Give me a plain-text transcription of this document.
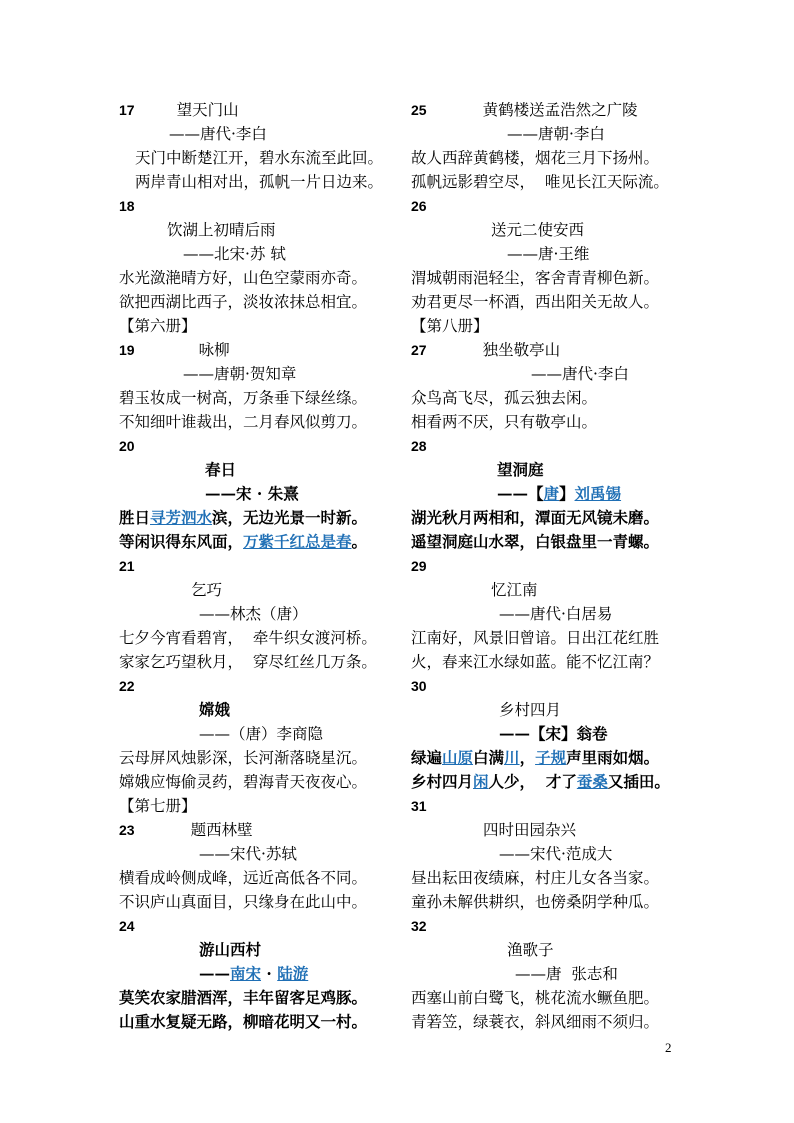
17	望天门山
——唐代·李白
天门中断楚江开，碧水东流至此回。
两岸青山相对出，孤帆一片日边来。
18
饮湖上初晴后雨
——北宋·苏 轼
水光潋滟晴方好，山色空蒙雨亦奇。
欲把西湖比西子，淡妆浓抹总相宜。
【第六册】
19	咏柳
——唐朝·贺知章
碧玉妆成一树高，万条垂下绿丝绦。
不知细叶谁裁出，二月春风似剪刀。
20
春日
——宋 · 朱熹
胜日寻芳泗水滨，无边光景一时新。
等闲识得东风面，万紫千红总是春。
21
乞巧
——林杰（唐）
七夕今宵看碧宵，  牵牛织女渡河桥。
家家乞巧望秋月，  穿尽红丝几万条。
22
嫦娥
——（唐）李商隐
云母屏风烛影深，长河渐落晓星沉。
嫦娥应悔偷灵药，碧海青天夜夜心。
【第七册】
23	题西林壁
——宋代·苏轼
横看成岭侧成峰，远近高低各不同。
不识庐山真面目，只缘身在此山中。
24
游山西村
——南宋 · 陆游
莫笑农家腊酒浑，丰年留客足鸡豚。
山重水复疑无路，柳暗花明又一村。
25	黄鹤楼送孟浩然之广陵
——唐朝·李白
故人西辞黄鹤楼，烟花三月下扬州。
孤帆远影碧空尽，  唯见长江天际流。
26
送元二使安西
——唐·王维
渭城朝雨浥轻尘，客舍青青柳色新。
劝君更尽一杯酒，西出阳关无故人。
【第八册】
27	独坐敬亭山
——唐代·李白
众鸟高飞尽，孤云独去闲。
相看两不厌，只有敬亭山。
28
望洞庭
——【唐】刘禹锡
湖光秋月两相和，潭面无风镜未磨。
遥望洞庭山水翠，白银盘里一青螺。
29
忆江南
——唐代·白居易
江南好，风景旧曾谙。日出江花红胜
火，春来江水绿如蓝。能不忆江南？
30
乡村四月
——【宋】翁卷
绿遍山原白满川，子规声里雨如烟。
乡村四月闲人少，  才了蚕桑又插田。
31
四时田园杂兴
——宋代·范成大
昼出耘田夜绩麻，村庄儿女各当家。
童孙未解供耕织，也傍桑阴学种瓜。
32
渔歌子
——唐  张志和
西塞山前白鹭飞，桃花流水鳜鱼肥。
青箬笠，绿蓑衣，斜风细雨不须归。
2
